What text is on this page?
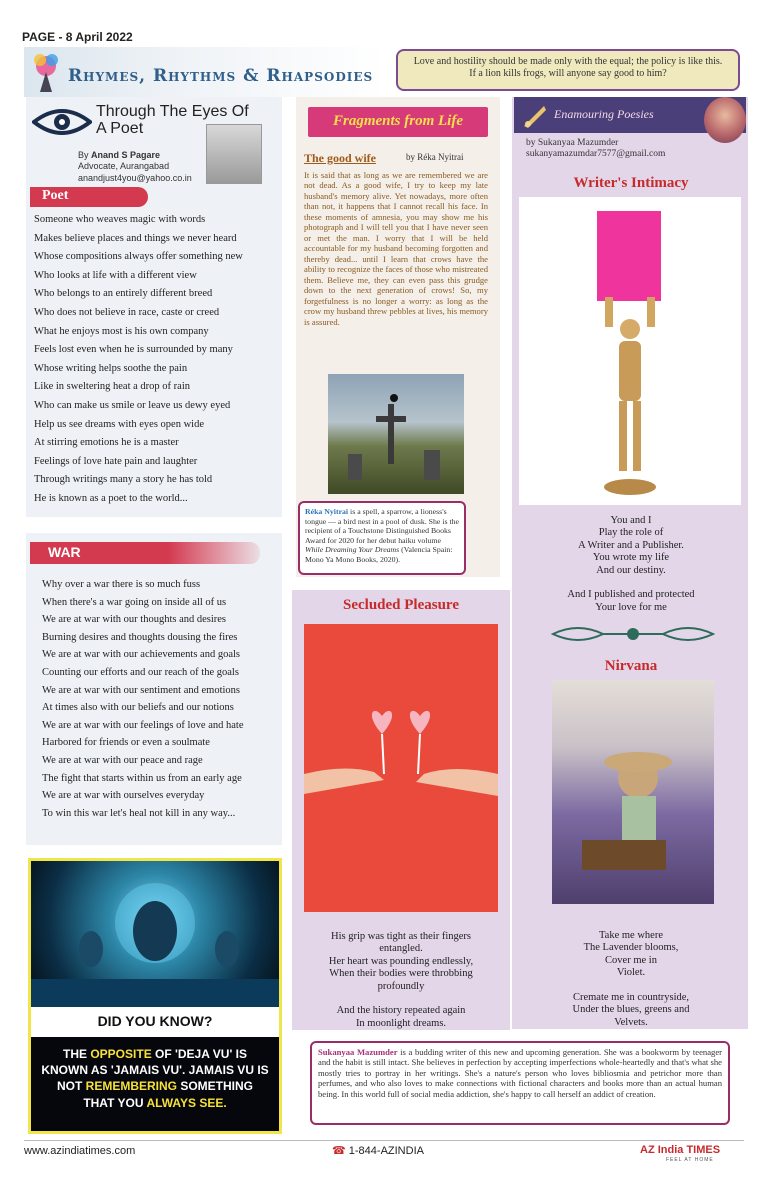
PAGE - 8 April 2022
Rhymes, Rhythms & Rhapsodies
Love and hostility should be made only with the equal; the policy is like this. If a lion kills frogs, will anyone say good to him?
Through The Eyes Of A Poet
By Anand S Pagare
Advocate, Aurangabad
anandjust4you@yahoo.co.in
Poet
Someone who weaves magic with words
Makes believe places and things we never heard
Whose compositions always offer something new
Who looks at life with a different view
Who belongs to an entirely different breed
Who does not believe in race, caste or creed
What he enjoys most is his own company
Feels lost even when he is surrounded by many
Whose writing helps soothe the pain
Like in sweltering heat a drop of rain
Who can make us smile or leave us dewy eyed
Help us see dreams with eyes open wide
At stirring emotions he is a master
Feelings of love hate pain and laughter
Through writings many a story he has told
He is known as a poet to the world...
WAR
Why over a war there is so much fuss
When there's a war going on inside all of us
We are at war with our thoughts and desires
Burning desires and thoughts dousing the fires
We are at war with our achievements and goals
Counting our efforts and our reach of the goals
We are at war with our sentiment and emotions
At times also with our beliefs and our notions
We are at war with our feelings of love and hate
Harbored for friends or even a soulmate
We are at war with our peace and rage
The fight that starts within us from an early age
We are at war with ourselves everyday
To win this war let's heal not kill in any way...
DID YOU KNOW?
THE OPPOSITE OF 'DEJA VU' IS KNOWN AS 'JAMAIS VU'. JAMAIS VU IS NOT REMEMBERING SOMETHING THAT YOU ALWAYS SEE.
Fragments from Life
The good wife	by Réka Nyitrai
It is said that as long as we are remembered we are not dead. As a good wife, I try to keep my late husband's memory alive. Yet nowadays, more often than not, it happens that I cannot recall his face. In these moments of amnesia, you may show me his photograph and I will tell you that I have never seen or met the man. I worry that I will be held accountable for my husband becoming forgotten and thereby dead... until I learn that crows have the ability to recognize the faces of those who mistreated them. Believe me, they can even pass this grudge down to the next generation of crows! So, my forgetfulness is no longer a worry: as long as the crow my husband threw pebbles at lives, his memory is assured.
Réka Nyitrai is a spell, a sparrow, a lioness's tongue — a bird nest in a pool of dusk. She is the recipient of a Touchstone Distinguished Books Award for 2020 for her debut haiku volume While Dreaming Your Dreams (Valencia Spain: Mono Ya Mono Books, 2020).
Secluded Pleasure
His grip was tight as their fingers
entangled.
Her heart was pounding endlessly,
When their bodies were throbbing
profoundly

And the history repeated again
In moonlight dreams.
Enamouring Poesies
by Sukanyaa Mazumder
sukanyamazumdar7577@gmail.com
Writer's Intimacy
You and I
Play the role of
A Writer and a Publisher.
You wrote my life
And our destiny.

And I published and protected
Your love for me
Nirvana
Take me where
The Lavender blooms,
Cover me in
Violet.

Cremate me in countryside,
Under the blues, greens and
Velvets.
Sukanyaa Mazumder is a budding writer of this new and upcoming generation. She was a bookworm by teenager and the habit is still intact. She believes in perfection by accepting imperfections whole-heartedly and that's what she mostly tries to portray in her writings. She's a nature's person who loves bibliosmia and petrichor more than perfumes, and who also loves to make connections with fictional characters and books more than an actual human being. In this world full of social media addiction, she's happy to call herself an addict of creation.
www.azindiatimes.com	☎ 1-844-AZINDIA	AZ India TIMES
FEEL AT HOME
